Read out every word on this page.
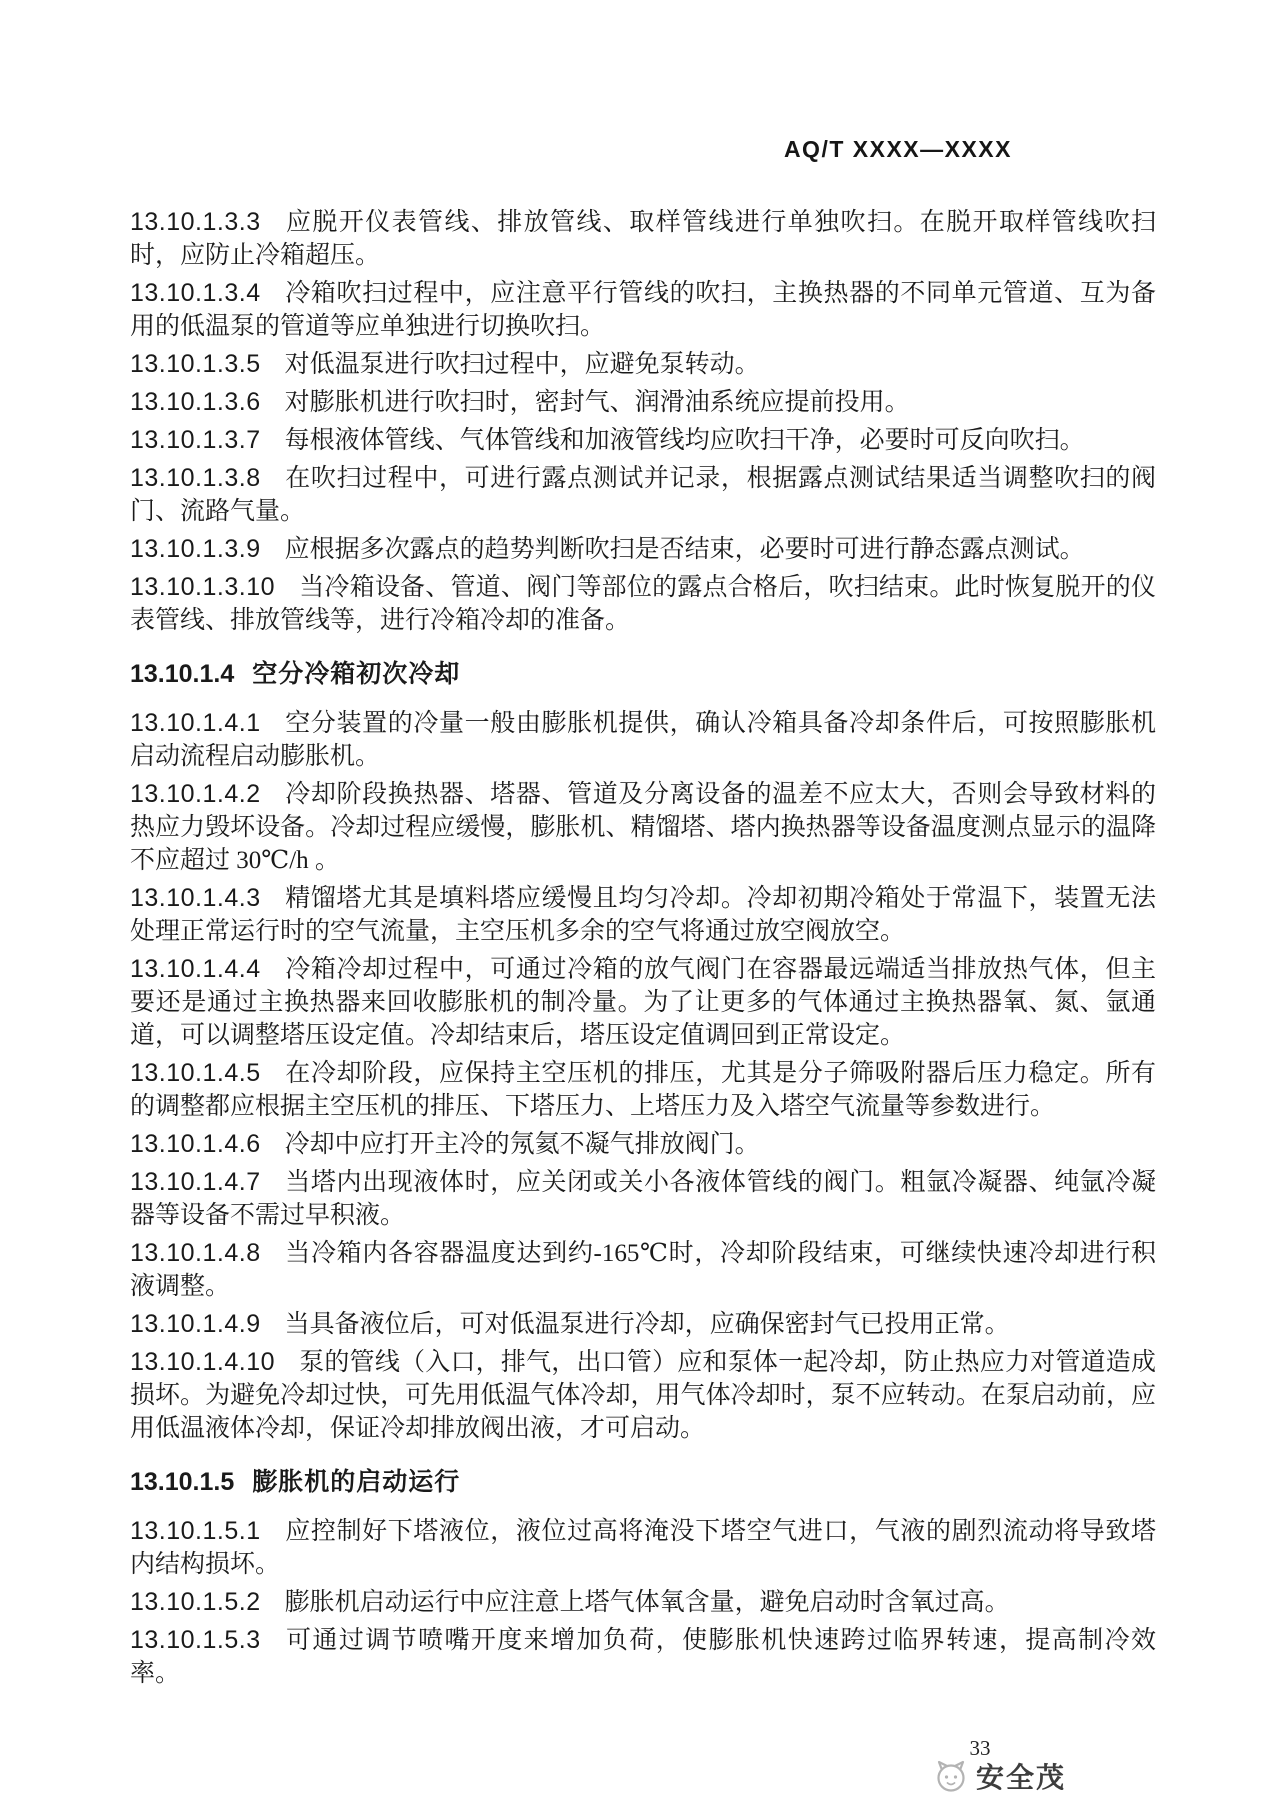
AQ/T XXXX—XXXX

13.10.1.3.3 应脱开仪表管线、排放管线、取样管线进行单独吹扫。在脱开取样管线吹扫时，应防止冷箱超压。

13.10.1.3.4 冷箱吹扫过程中，应注意平行管线的吹扫，主换热器的不同单元管道、互为备用的低温泵的管道等应单独进行切换吹扫。

13.10.1.3.5 对低温泵进行吹扫过程中，应避免泵转动。

13.10.1.3.6 对膨胀机进行吹扫时，密封气、润滑油系统应提前投用。

13.10.1.3.7 每根液体管线、气体管线和加液管线均应吹扫干净，必要时可反向吹扫。

13.10.1.3.8 在吹扫过程中，可进行露点测试并记录，根据露点测试结果适当调整吹扫的阀门、流路气量。

13.10.1.3.9 应根据多次露点的趋势判断吹扫是否结束，必要时可进行静态露点测试。

13.10.1.3.10 当冷箱设备、管道、阀门等部位的露点合格后，吹扫结束。此时恢复脱开的仪表管线、排放管线等，进行冷箱冷却的准备。

13.10.1.4 空分冷箱初次冷却

13.10.1.4.1 空分装置的冷量一般由膨胀机提供，确认冷箱具备冷却条件后，可按照膨胀机启动流程启动膨胀机。

13.10.1.4.2 冷却阶段换热器、塔器、管道及分离设备的温差不应太大，否则会导致材料的热应力毁坏设备。冷却过程应缓慢，膨胀机、精馏塔、塔内换热器等设备温度测点显示的温降不应超过 30℃/h 。

13.10.1.4.3 精馏塔尤其是填料塔应缓慢且均匀冷却。冷却初期冷箱处于常温下，装置无法处理正常运行时的空气流量，主空压机多余的空气将通过放空阀放空。

13.10.1.4.4 冷箱冷却过程中，可通过冷箱的放气阀门在容器最远端适当排放热气体，但主要还是通过主换热器来回收膨胀机的制冷量。为了让更多的气体通过主换热器氧、氮、氩通道，可以调整塔压设定值。冷却结束后，塔压设定值调回到正常设定。

13.10.1.4.5 在冷却阶段，应保持主空压机的排压，尤其是分子筛吸附器后压力稳定。所有的调整都应根据主空压机的排压、下塔压力、上塔压力及入塔空气流量等参数进行。

13.10.1.4.6 冷却中应打开主冷的氖氦不凝气排放阀门。

13.10.1.4.7 当塔内出现液体时，应关闭或关小各液体管线的阀门。粗氩冷凝器、纯氩冷凝器等设备不需过早积液。

13.10.1.4.8 当冷箱内各容器温度达到约-165℃时，冷却阶段结束，可继续快速冷却进行积液调整。

13.10.1.4.9 当具备液位后，可对低温泵进行冷却，应确保密封气已投用正常。

13.10.1.4.10 泵的管线（入口，排气，出口管）应和泵体一起冷却，防止热应力对管道造成损坏。为避免冷却过快，可先用低温气体冷却，用气体冷却时，泵不应转动。在泵启动前，应用低温液体冷却，保证冷却排放阀出液，才可启动。

13.10.1.5 膨胀机的启动运行

13.10.1.5.1 应控制好下塔液位，液位过高将淹没下塔空气进口，气液的剧烈流动将导致塔内结构损坏。

13.10.1.5.2 膨胀机启动运行中应注意上塔气体氧含量，避免启动时含氧过高。

13.10.1.5.3 可通过调节喷嘴开度来增加负荷，使膨胀机快速跨过临界转速，提高制冷效率。

33
安全茂
